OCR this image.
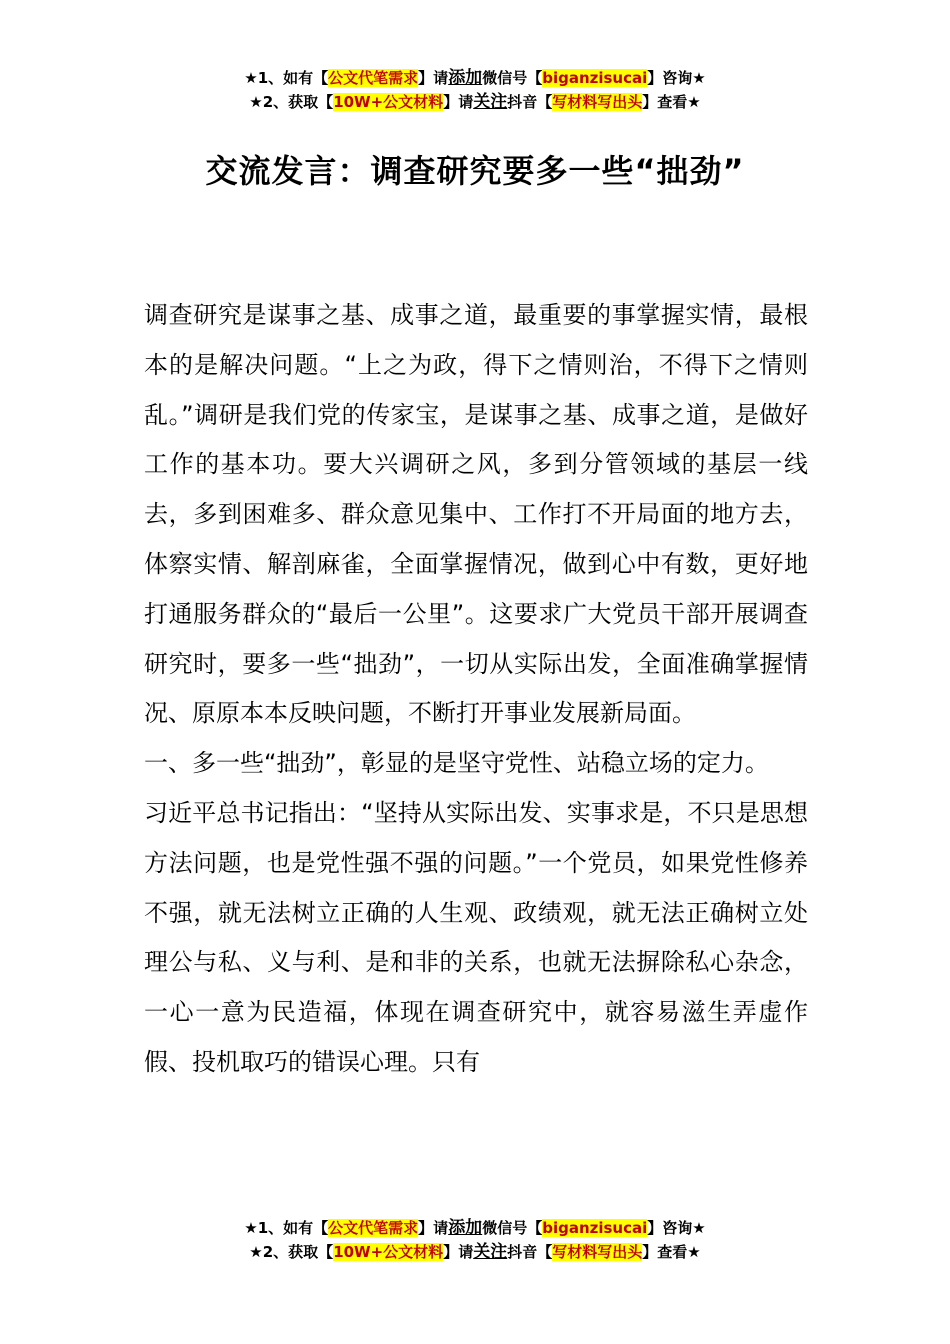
★1、如有【公文代笔需求】请添加微信号【biganzisucai】咨询★
★2、获取【10W+公文材料】请关注抖音【写材料写出头】查看★
交流发言：调查研究要多一些“拙劲”

调查研究是谋事之基、成事之道，最重要的事掌握实情，最根本的是解决问题。“上之为政，得下之情则治，不得下之情则乱。”调研是我们党的传家宝，是谋事之基、成事之道，是做好工作的基本功。要大兴调研之风，多到分管领域的基层一线去，多到困难多、群众意见集中、工作打不开局面的地方去，体察实情、解剖麻雀，全面掌握情况，做到心中有数，更好地打通服务群众的“最后一公里”。这要求广大党员干部开展调查研究时，要多一些“拙劲”，一切从实际出发，全面准确掌握情况、原原本本反映问题，不断打开事业发展新局面。

一、多一些“拙劲”，彰显的是坚守党性、站稳立场的定力。

习近平总书记指出：“坚持从实际出发、实事求是，不只是思想方法问题，也是党性强不强的问题。”一个党员，如果党性修养不强，就无法树立正确的人生观、政绩观，就无法正确树立处理公与私、义与利、是和非的关系，也就无法摒除私心杂念，一心一意为民造福，体现在调查研究中，就容易滋生弄虚作假、投机取巧的错误心理。只有

★1、如有【公文代笔需求】请添加微信号【biganzisucai】咨询★
★2、获取【10W+公文材料】请关注抖音【写材料写出头】查看★
